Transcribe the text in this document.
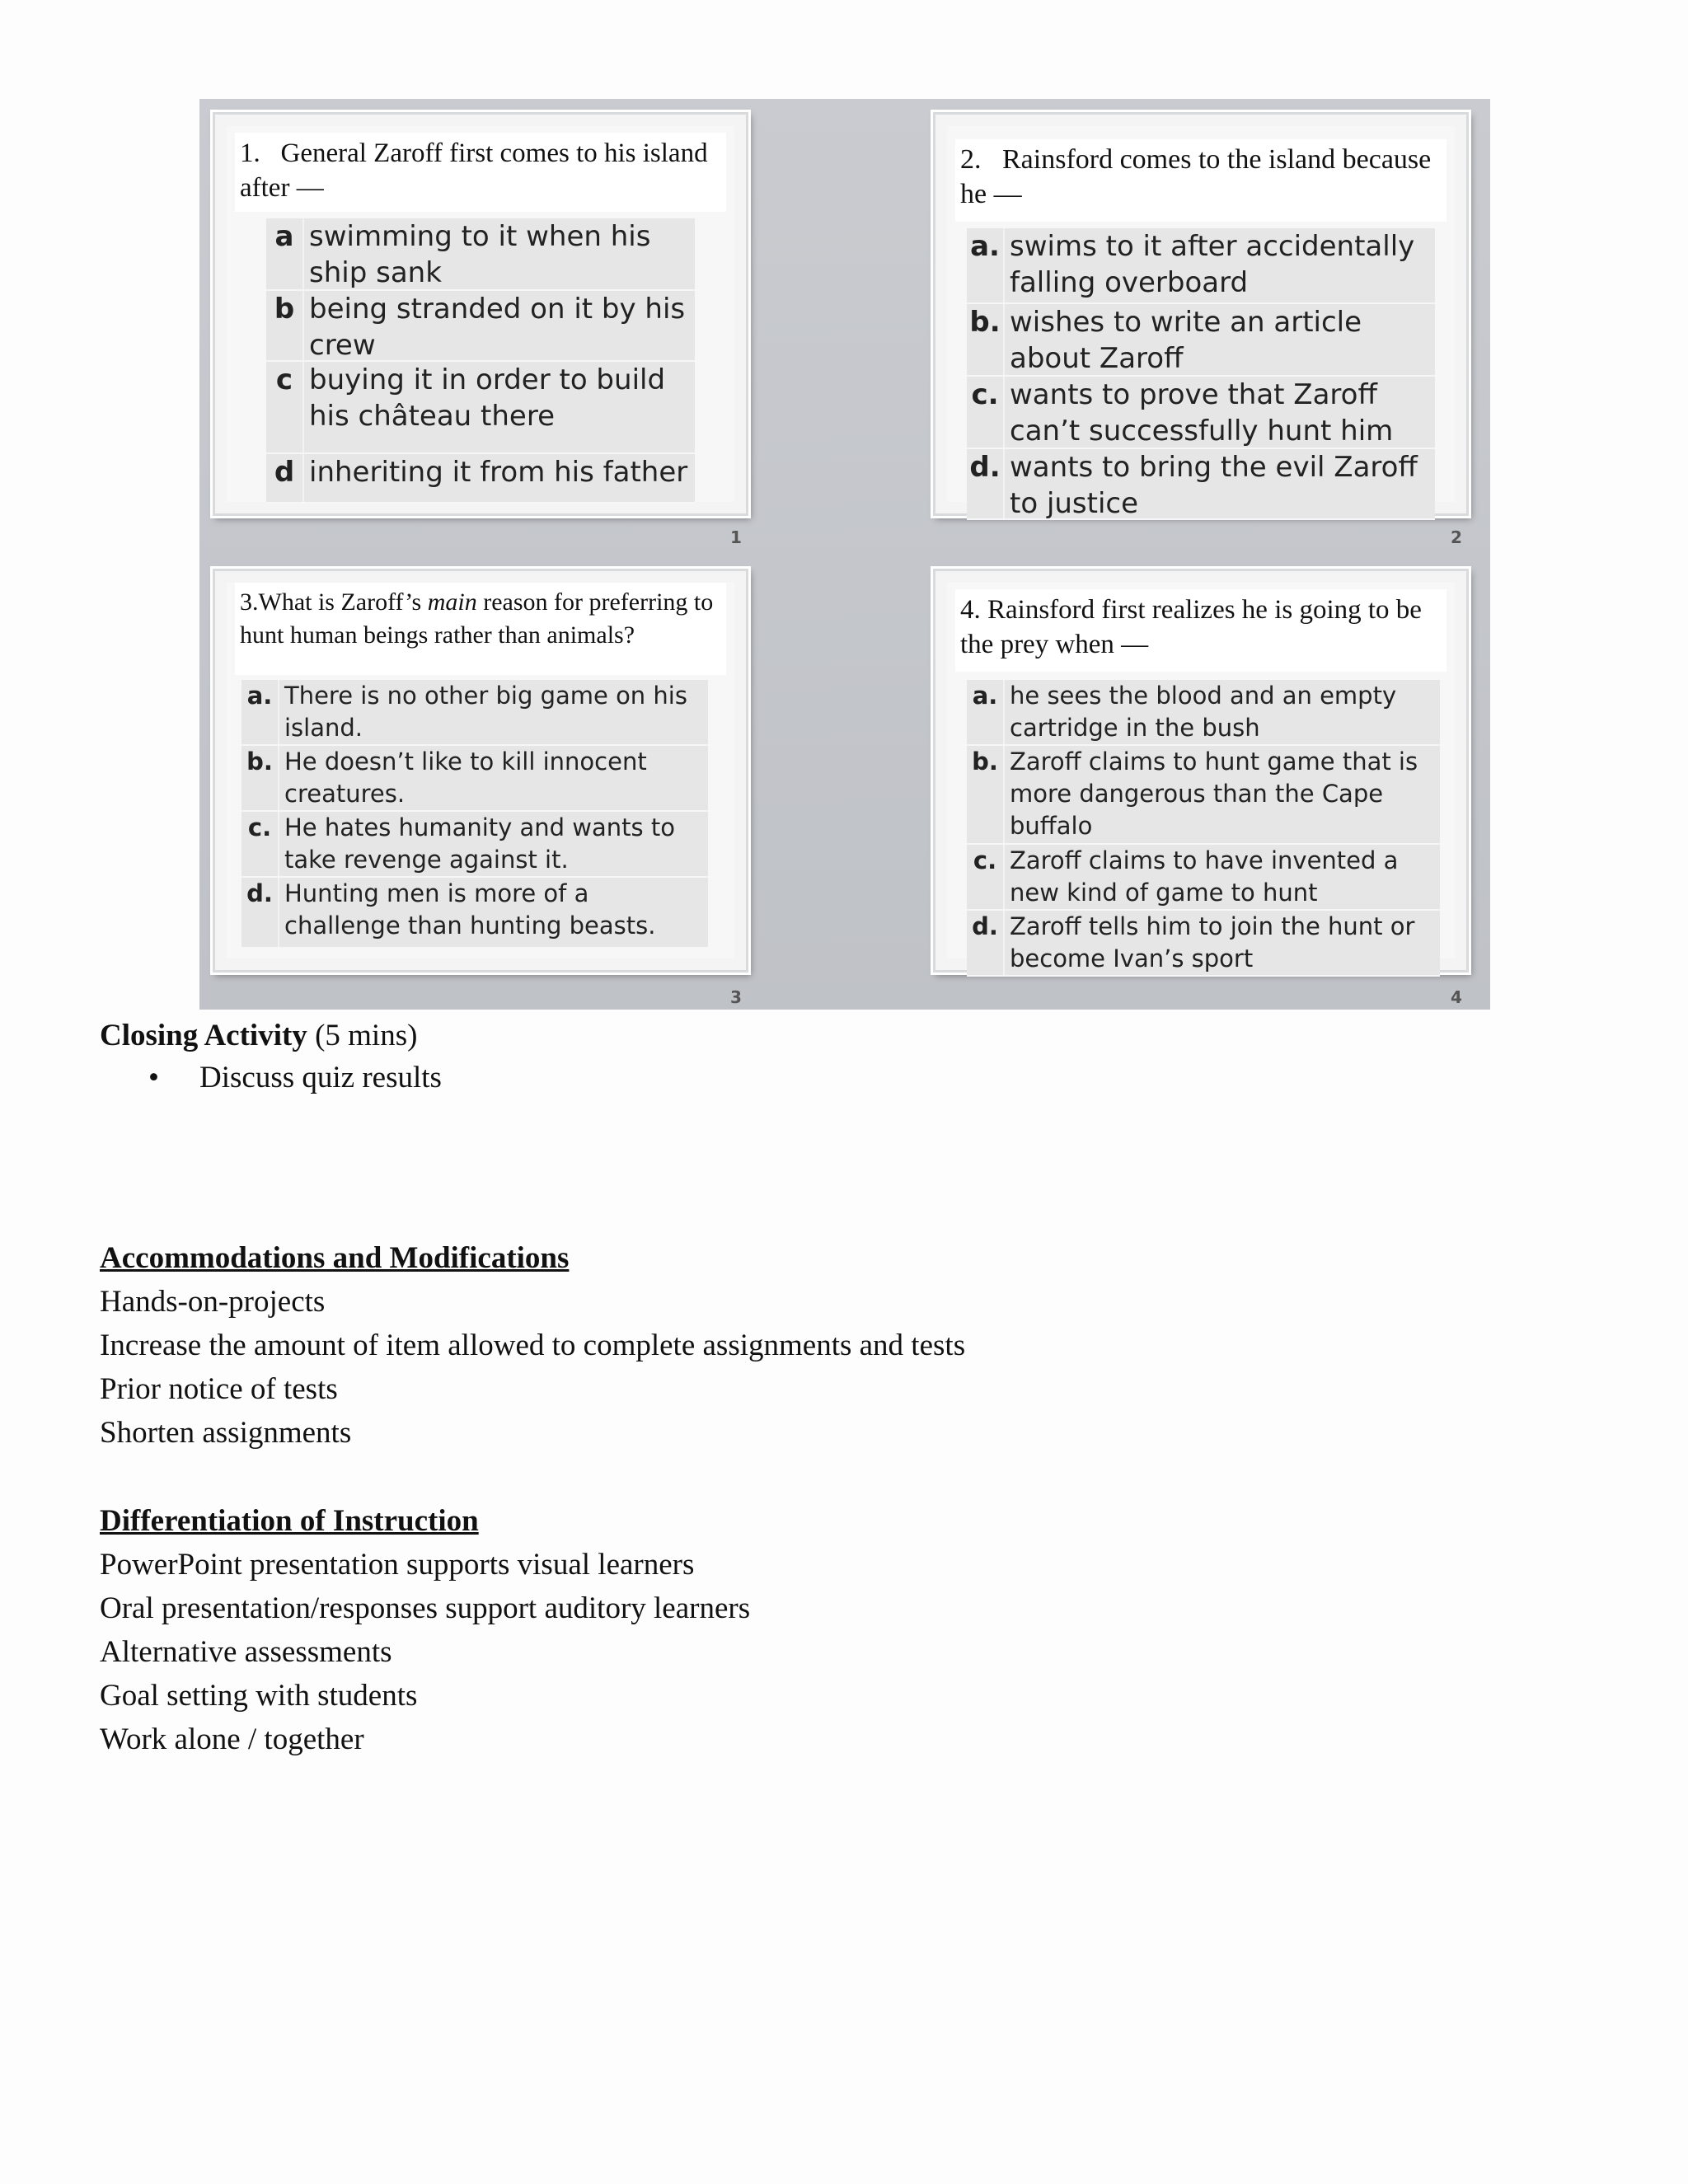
1.   General Zaroff first comes to his island after —
a swimming to it when his ship sank
b being stranded on it by his crew
c buying it in order to build his château there
d inheriting it from his father
1
2.   Rainsford comes to the island because he —
a. swims to it after accidentally falling overboard
b. wishes to write an article about Zaroff
c. wants to prove that Zaroff can’t successfully hunt him
d. wants to bring the evil Zaroff to justice
2
3.What is Zaroff’s main reason for preferring to hunt human beings rather than animals?
a. There is no other big game on his island.
b. He doesn’t like to kill innocent creatures.
c. He hates humanity and wants to take revenge against it.
d. Hunting men is more of a challenge than hunting beasts.
3
4. Rainsford first realizes he is going to be the prey when —
a. he sees the blood and an empty cartridge in the bush
b. Zaroff claims to hunt game that is more dangerous than the Cape buffalo
c. Zaroff claims to have invented a new kind of game to hunt
d. Zaroff tells him to join the hunt or become Ivan’s sport
4
Closing Activity (5 mins)
• Discuss quiz results
Accommodations and Modifications
Hands-on-projects
Increase the amount of item allowed to complete assignments and tests
Prior notice of tests
Shorten assignments
Differentiation of Instruction
PowerPoint presentation supports visual learners
Oral presentation/responses support auditory learners
Alternative assessments
Goal setting with students
Work alone / together
